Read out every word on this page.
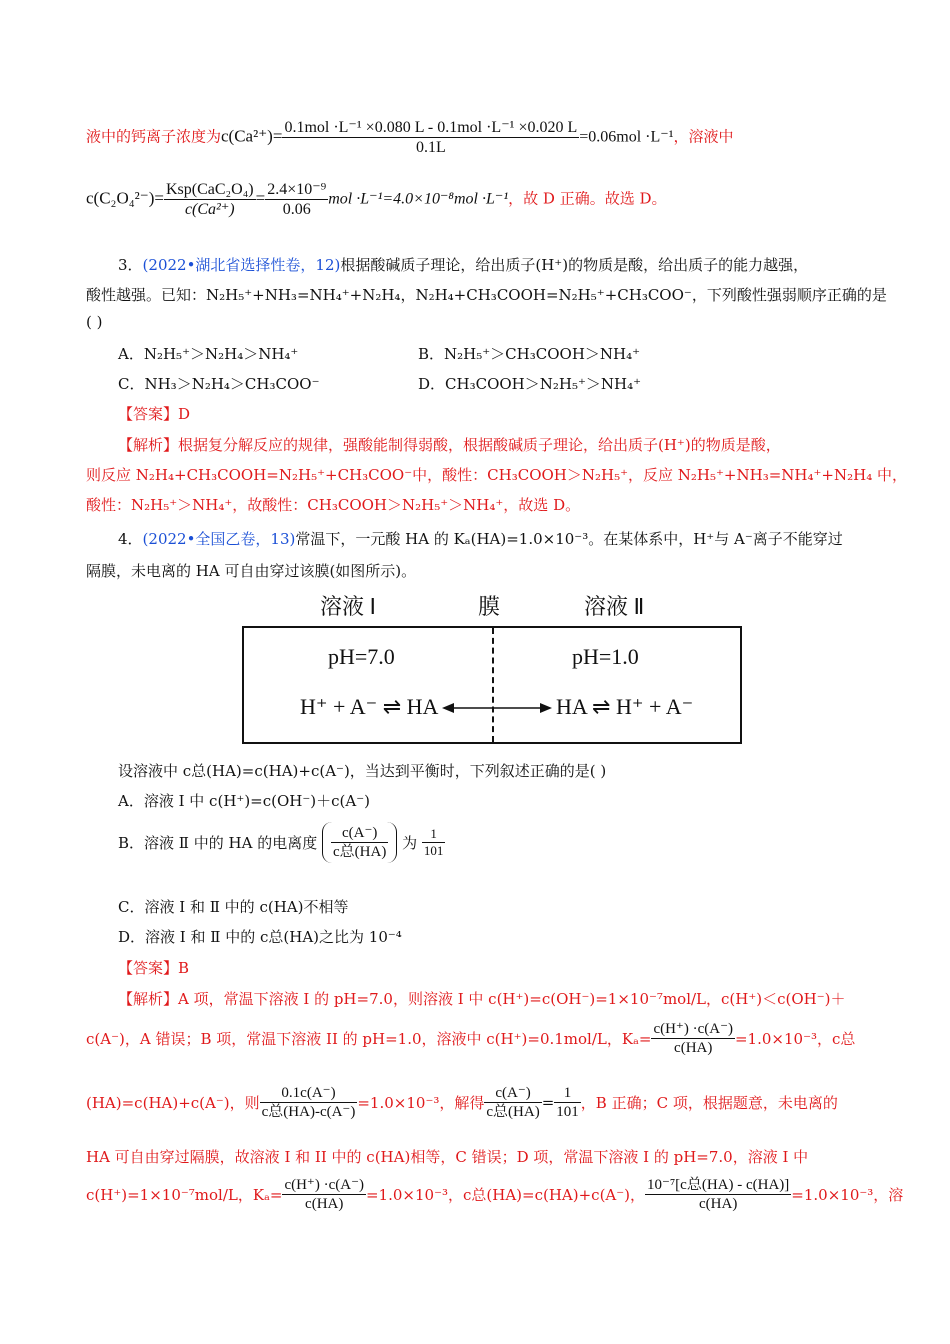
液中的钙离子浓度为$c(Ca^{2+})= \frac{\text{0.1mol ·L⁻¹ ×0.080 L - 0.1mol ·L⁻¹ ×0.020 L}}{0.1L} =0.06mol \cdot L^{-1}$，溶液中
$c(C_2O_4^{2-})= \frac{\text{Ksp(CaC₂O₄)}}{\text{c(Ca²⁺)}} = \frac{\text{2.4×10⁻⁹}}{0.06}$ mol ·L⁻¹=4.0×10⁻⁸mol ·L⁻¹，故 D 正确。故选 D。
3．(2022•湖北省选择性卷，12)根据酸碱质子理论，给出质子(H⁺)的物质是酸，给出质子的能力越强，
酸性越强。已知：N₂H₅⁺+NH₃=NH₄⁺+N₂H₄，N₂H₄+CH₃COOH=N₂H₅⁺+CH₃COO⁻，下列酸性强弱顺序正确的是
( )
A．N₂H₅⁺＞N₂H₄＞NH₄⁺	B．N₂H₅⁺＞CH₃COOH＞NH₄⁺
C．NH₃＞N₂H₄＞CH₃COO⁻	D．CH₃COOH＞N₂H₅⁺＞NH₄⁺
【答案】D
【解析】根据复分解反应的规律，强酸能制得弱酸，根据酸碱质子理论，给出质子(H⁺)的物质是酸，
则反应 N₂H₄+CH₃COOH=N₂H₅⁺+CH₃COO⁻中，酸性：CH₃COOH＞N₂H₅⁺，反应 N₂H₅⁺+NH₃=NH₄⁺+N₂H₄ 中，
酸性：N₂H₅⁺＞NH₄⁺，故酸性：CH₃COOH＞N₂H₅⁺＞NH₄⁺，故选 D。
4．(2022•全国乙卷，13)常温下，一元酸 HA 的 Kₐ(HA)=1.0×10⁻³。在某体系中，H⁺与 A⁻离子不能穿过
隔膜，未电离的 HA 可自由穿过该膜(如图所示)。
溶液 Ⅰ	膜	溶液 Ⅱ
pH=7.0	pH=1.0
H⁺ + A⁻ ⇌ HA	HA ⇌ H⁺ + A⁻
设溶液中 c总(HA)=c(HA)+c(A⁻)，当达到平衡时，下列叙述正确的是( )
A．溶液 Ⅰ 中 c(H⁺)=c(OH⁻)＋c(A⁻)
B．溶液 Ⅱ 中的 HA 的电离度 $\frac{c(A^-)}{\text{c总(HA)}}$ 为 $\frac{1}{101}$
C．溶液 Ⅰ 和 Ⅱ 中的 c(HA)不相等
D．溶液 Ⅰ 和 Ⅱ 中的 c总(HA)之比为 10⁻⁴
【答案】B
【解析】A 项，常温下溶液 I 的 pH=7.0，则溶液 I 中 c(H⁺)=c(OH⁻)=1×10⁻⁷mol/L，c(H⁺)＜c(OH⁻)＋
c(A⁻)，A 错误；B 项，常温下溶液 II 的 pH=1.0，溶液中 c(H⁺)=0.1mol/L，$K_a= \frac{c(H^+) \cdot c(A^-)}{c(HA)} =1.0\times 10^{-3}$，c总
(HA)=c(HA)+c(A⁻)，则 $\frac{0.1c(A^-)}{\text{c总(HA)-c(A⁻)}} =1.0\times 10^{-3}$，解得 $\frac{c(A^-)}{\text{c总(HA)}} = \frac{1}{101}$ ，B 正确；C 项，根据题意，未电离的
HA 可自由穿过隔膜，故溶液 I 和 II 中的 c(HA)相等，C 错误；D 项，常温下溶液 I 的 pH=7.0，溶液 I 中
c(H⁺)=1×10⁻⁷mol/L，$K_a= \frac{c(H^+) \cdot c(A^-)}{c(HA)} =1.0\times 10^{-3}$，c总(HA)=c(HA)+c(A⁻)， $\frac{\text{10⁻⁷[c总(HA) - c(HA)]}}{c(HA)} =1.0\times 10^{-3}$，溶
